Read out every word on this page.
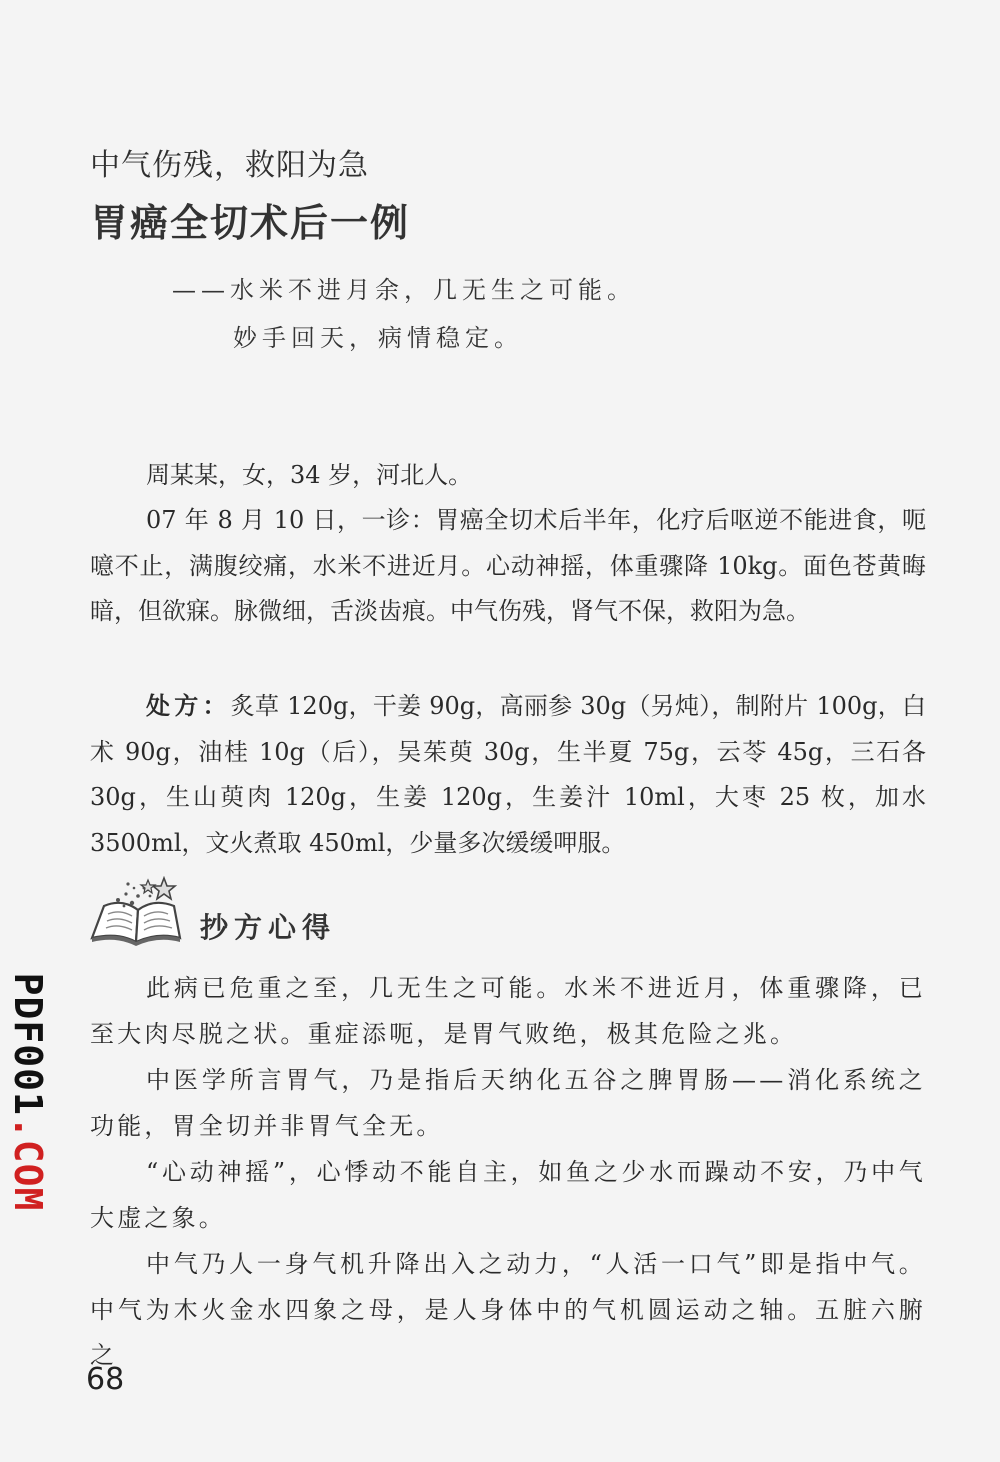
中气伤残，救阳为急
胃癌全切术后一例
——水米不进月余，几无生之可能。
妙手回天，病情稳定。

周某某，女，34 岁，河北人。

07 年 8 月 10 日，一诊：胃癌全切术后半年，化疗后呕逆不能进食，呃噫不止，满腹绞痛，水米不进近月。心动神摇，体重骤降 10kg。面色苍黄晦暗，但欲寐。脉微细，舌淡齿痕。中气伤残，肾气不保，救阳为急。

处方：炙草 120g，干姜 90g，高丽参 30g（另炖），制附片 100g，白术 90g，油桂 10g（后），吴茱萸 30g，生半夏 75g，云苓 45g，三石各 30g，生山萸肉 120g，生姜 120g，生姜汁 10ml，大枣 25 枚，加水 3500ml，文火煮取 450ml，少量多次缓缓呷服。

抄方心得

此病已危重之至，几无生之可能。水米不进近月，体重骤降，已至大肉尽脱之状。重症添呃，是胃气败绝，极其危险之兆。

中医学所言胃气，乃是指后天纳化五谷之脾胃肠——消化系统之功能，胃全切并非胃气全无。

“心动神摇”，心悸动不能自主，如鱼之少水而躁动不安，乃中气大虚之象。

中气乃人一身气机升降出入之动力，“人活一口气”即是指中气。中气为木火金水四象之母，是人身体中的气机圆运动之轴。五脏六腑之

68
PDF001.COM
